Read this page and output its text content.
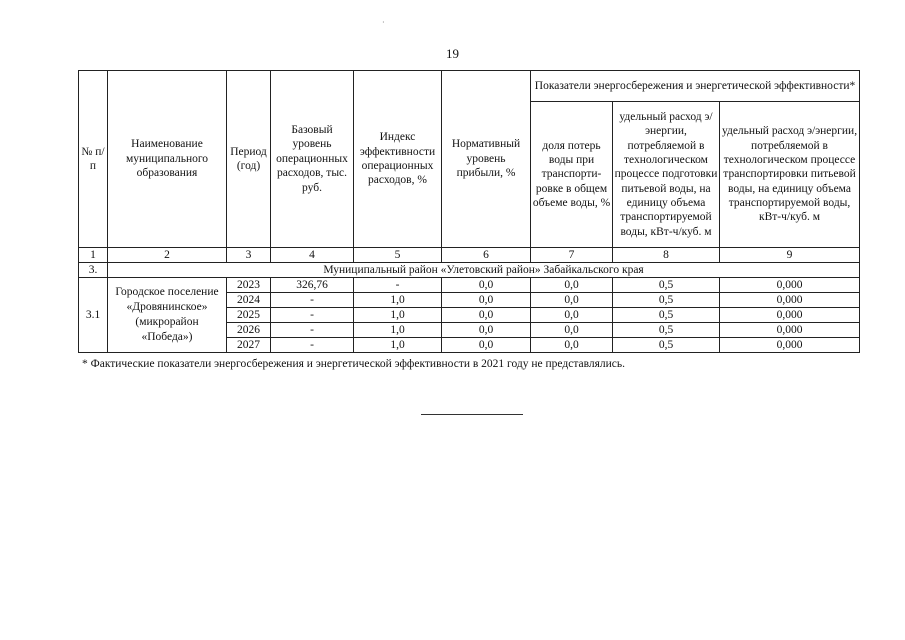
·
19
№ п/п	Наименование муниципального образования	Период (год)	Базовый уровень операционных расходов, тыс. руб.	Индекс эффективности операционных расходов, %	Нормативный уровень прибыли, %	Показатели энергосбережения и энергетической эффективности*		
						доля потерь воды при транспорти-ровке в общем объеме воды, %	удельный расход э/энергии, потребляемой в технологическом процессе подготовки питьевой воды, на единицу объема транспортируемой воды, кВт-ч/куб. м	удельный расход э/энергии, потребляемой в технологическом процессе транспортировки питьевой воды, на единицу объема транспортируемой воды, кВт-ч/куб. м
1	2	3	4	5	6	7	8	9
3.	Муниципальный район «Улетовский район» Забайкальского края							
3.1	Городское поселение «Дровянинское» (микрорайон «Победа»)	2023	326,76	-	0,0	0,0	0,5	0,000
		2024	-	1,0	0,0	0,0	0,5	0,000
		2025	-	1,0	0,0	0,0	0,5	0,000
		2026	-	1,0	0,0	0,0	0,5	0,000
		2027	-	1,0	0,0	0,0	0,5	0,000
* Фактические показатели энергосбережения и энергетической эффективности в 2021 году не представлялись.
